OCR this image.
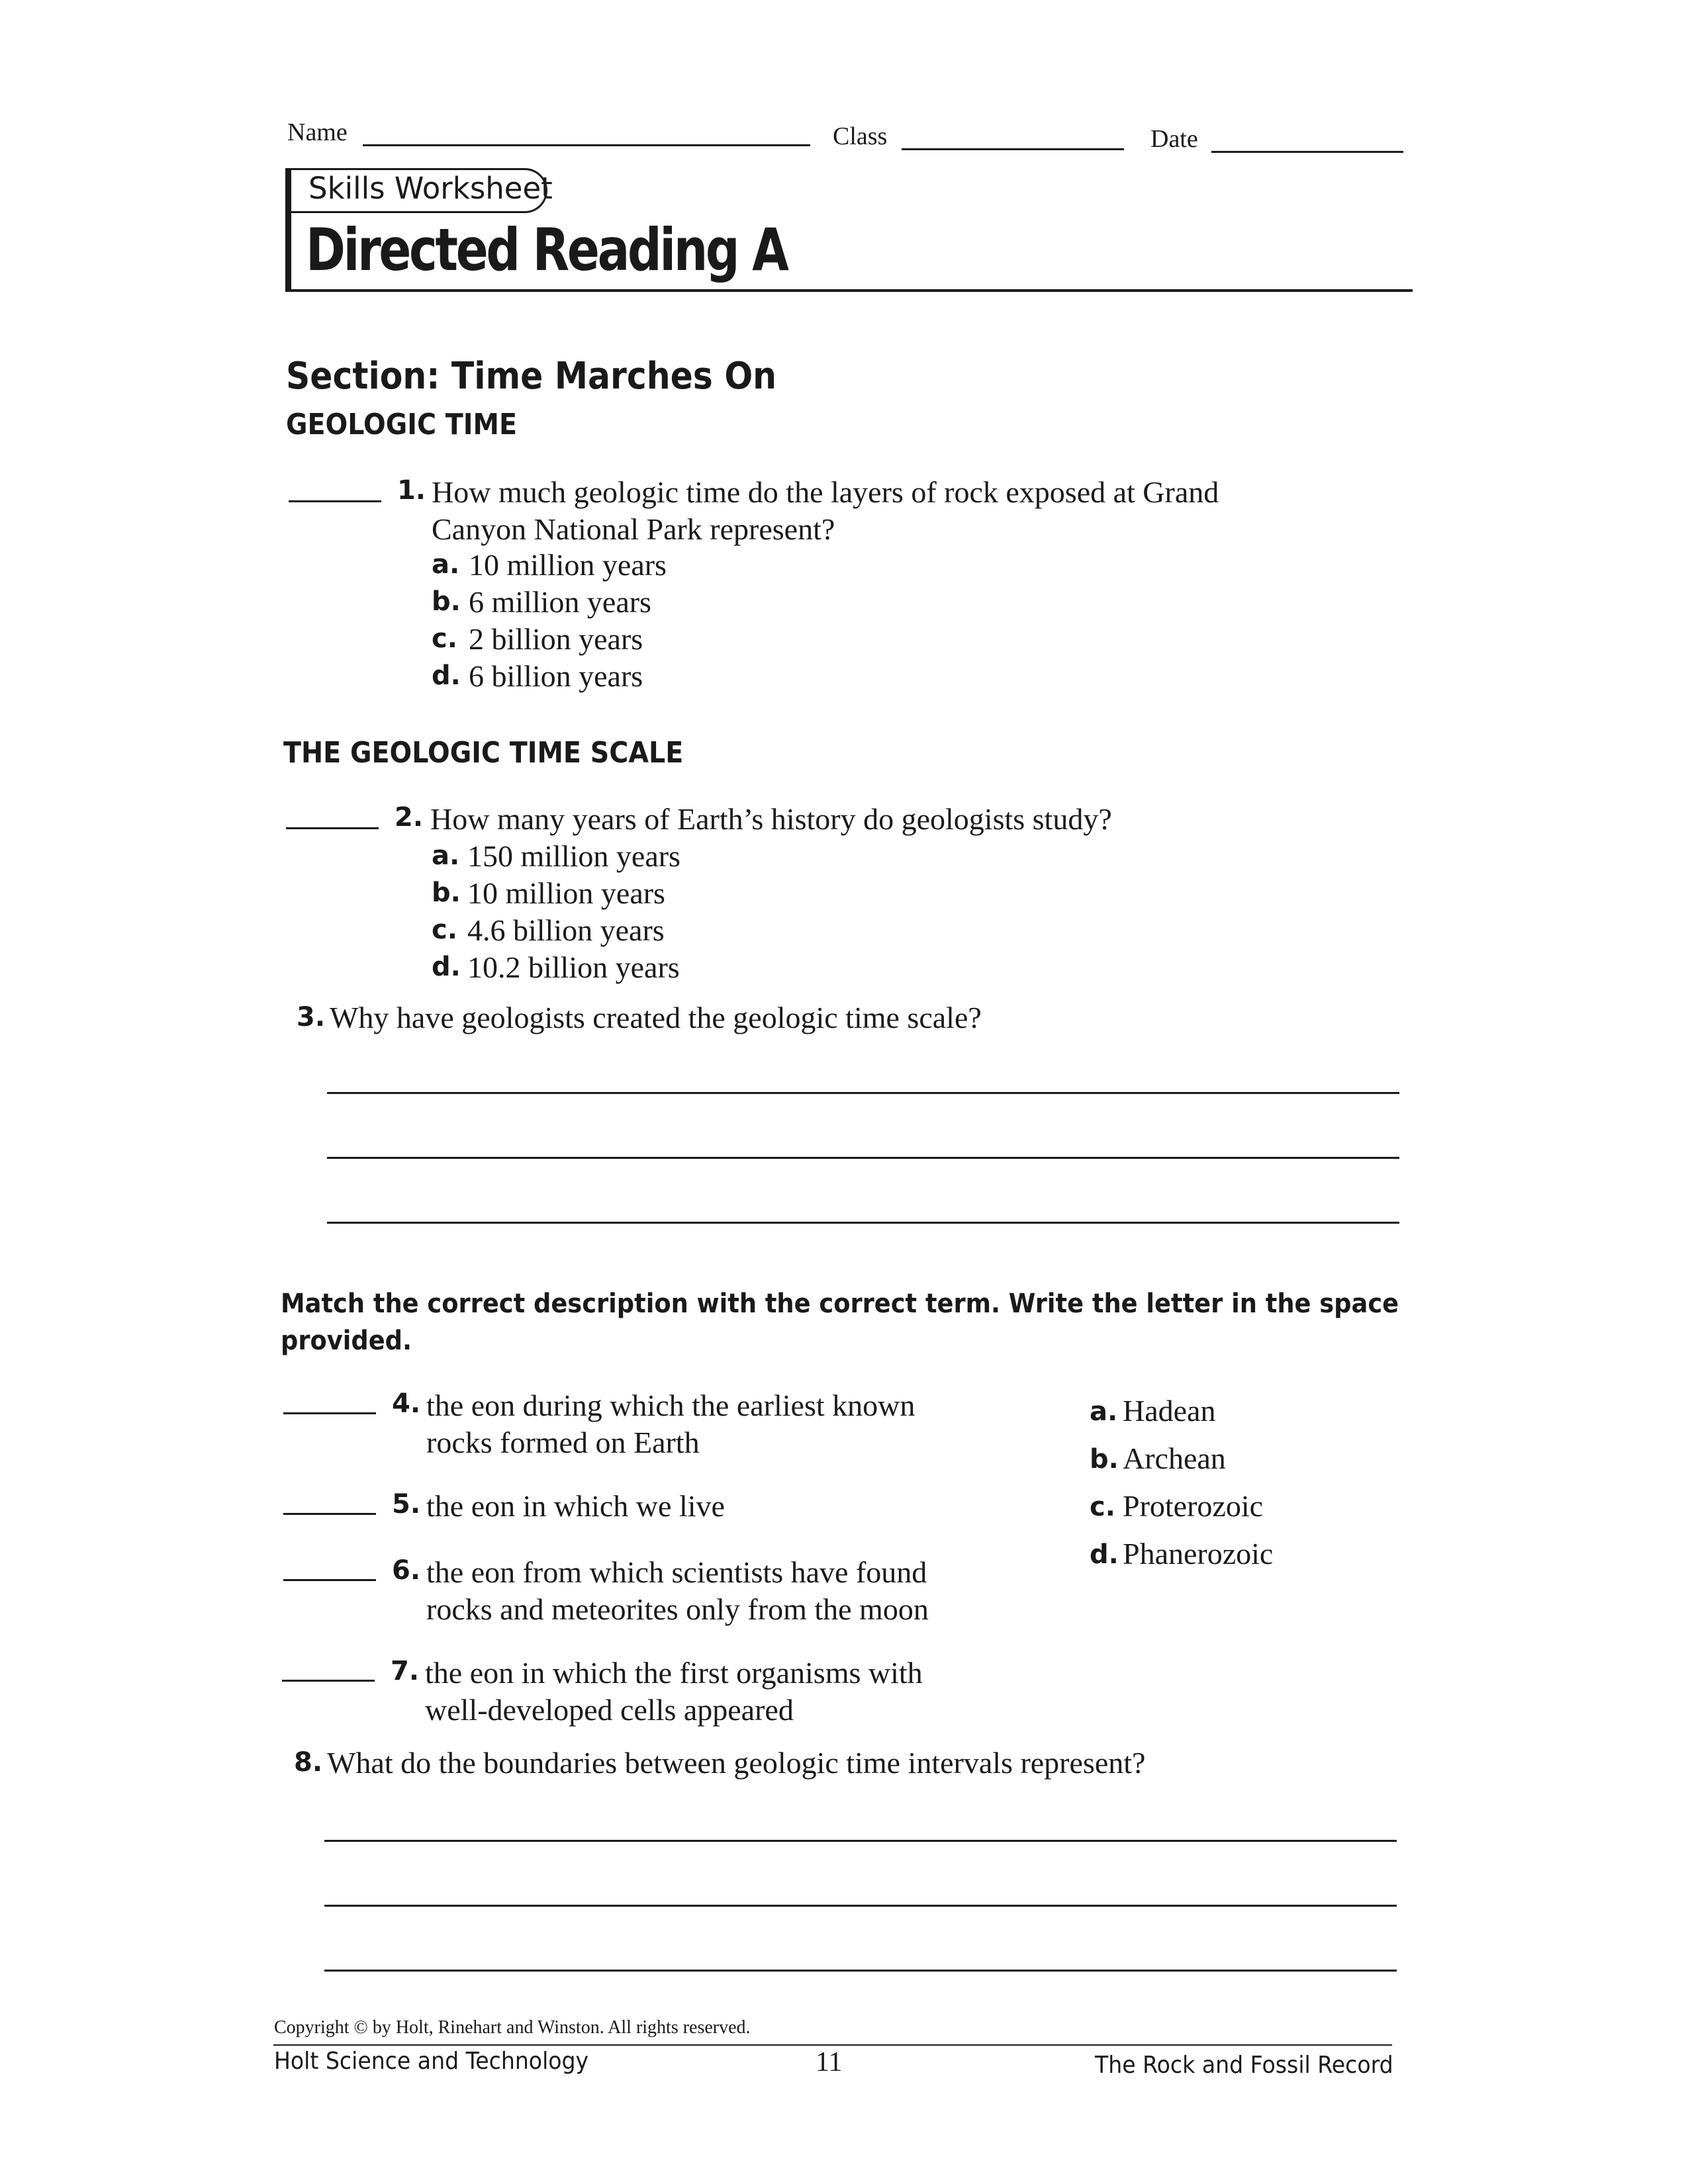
Name	Class	Date
Skills Worksheet
Directed Reading A
Section: Time Marches On
GEOLOGIC TIME
1. How much geologic time do the layers of rock exposed at Grand
Canyon National Park represent?
a. 10 million years
b. 6 million years
c. 2 billion years
d. 6 billion years
THE GEOLOGIC TIME SCALE
2. How many years of Earth’s history do geologists study?
a. 150 million years
b. 10 million years
c. 4.6 billion years
d. 10.2 billion years
3. Why have geologists created the geologic time scale?
Match the correct description with the correct term. Write the letter in the space provided.
4. the eon during which the earliest known
rocks formed on Earth
5. the eon in which we live
6. the eon from which scientists have found
rocks and meteorites only from the moon
7. the eon in which the first organisms with
well-developed cells appeared
a. Hadean
b. Archean
c. Proterozoic
d. Phanerozoic
8. What do the boundaries between geologic time intervals represent?
Copyright © by Holt, Rinehart and Winston. All rights reserved.
Holt Science and Technology	11	The Rock and Fossil Record
